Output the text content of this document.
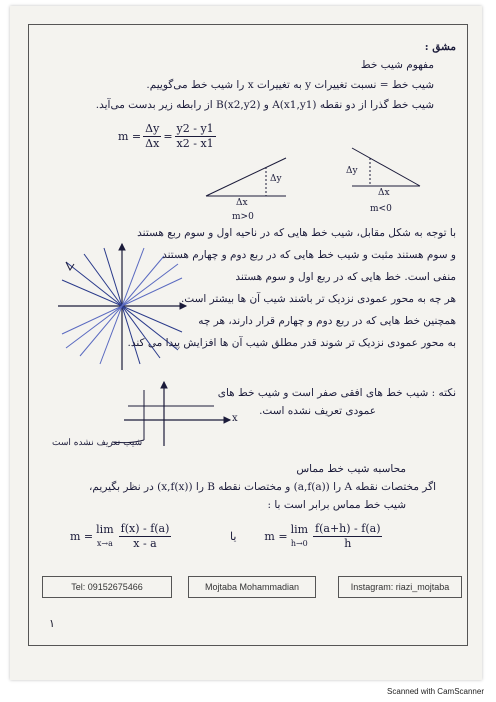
مشق :
مفهوم شیب خط
شیب خط = نسبت تغییرات y به تغییرات x را شیب خط می‌گوییم.
شیب خط گذرا از دو نقطه A(x1,y1) و B(x2,y2) از رابطه زیر بدست می‌آید.
$m = \frac{\Delta y}{\Delta x} = \frac{y2 - y1}{x2 - x1}$
Δy
Δx
m>0
Δy
Δx
m<0
با توجه به شکل مقابل، شیب خط هایی که در ناحیه اول و سوم ربع هستند
و سوم هستند مثبت و شیب خط هایی که در ربع دوم و چهارم هستند
منفی است. خط هایی که در ربع اول و سوم هستند
هر چه به محور عمودی نزدیک تر باشند شیب آن ها بیشتر است.
همچنین خط هایی که در ربع دوم و چهارم قرار دارند، هر چه
به محور عمودی نزدیک تر شوند قدر مطلق شیب آن ها افزایش پیدا می کند.
نکته : شیب خط های افقی صفر است و شیب خط های
عمودی تعریف نشده است.
x
شیب تعریف نشده است
محاسبه شیب خط مماس
اگر مختصات نقطه A را (a,f(a)) و مختصات نقطه B را (x,f(x)) در نظر بگیریم،
شیب خط مماس برابر است با :
m =
lim
$x\to a \frac{f(x) - f(a)}{x - a}$	یا	m =
lim
$h\to 0 \frac{f(a+h) - f(a)}{h}$
Tel: 09152675466	Mojtaba Mohammadian	Instagram: riazi_mojtaba
۱
Scanned with CamScanner
